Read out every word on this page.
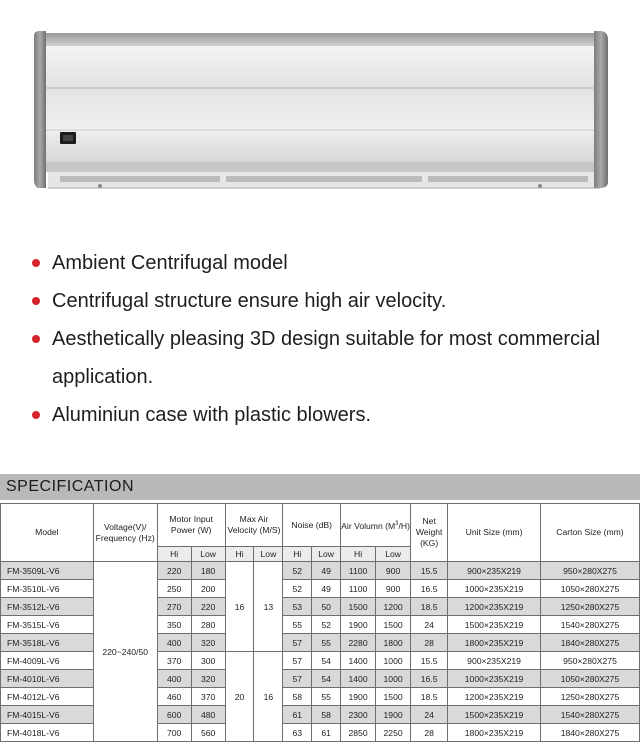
Ambient Centrifugal model
Centrifugal structure ensure high air velocity.
Aesthetically pleasing 3D design suitable for most commercial application.
Aluminiun case with plastic blowers.
SPECIFICATION
Model	Voltage(V)/ Frequency (Hz)	Motor Input Power (W)		Max Air Velocity (M/S)		Noise (dB)		Air Volumn $(M^3/H)$		Net Weight (KG)	Unit Size (mm)	Carton Size (mm)
		Hi	Low	Hi	Low	Hi	Low	Hi	Low			
FM-3509L-V6	220~240/50	220	180	16	13	52	49	1100	900	15.5	900×235X219	950×280X275
FM-3510L-V6		250	200			52	49	1100	900	16.5	1000×235X219	1050×280X275
FM-3512L-V6		270	220			53	50	1500	1200	18.5	1200×235X219	1250×280X275
FM-3515L-V6		350	280			55	52	1900	1500	24	1500×235X219	1540×280X275
FM-3518L-V6		400	320			57	55	2280	1800	28	1800×235X219	1840×280X275
FM-4009L-V6		370	300	20	16	57	54	1400	1000	15.5	900×235X219	950×280X275
FM-4010L-V6		400	320			57	54	1400	1000	16.5	1000×235X219	1050×280X275
FM-4012L-V6		460	370			58	55	1900	1500	18.5	1200×235X219	1250×280X275
FM-4015L-V6		600	480			61	58	2300	1900	24	1500×235X219	1540×280X275
FM-4018L-V6		700	560			63	61	2850	2250	28	1800×235X219	1840×280X275
